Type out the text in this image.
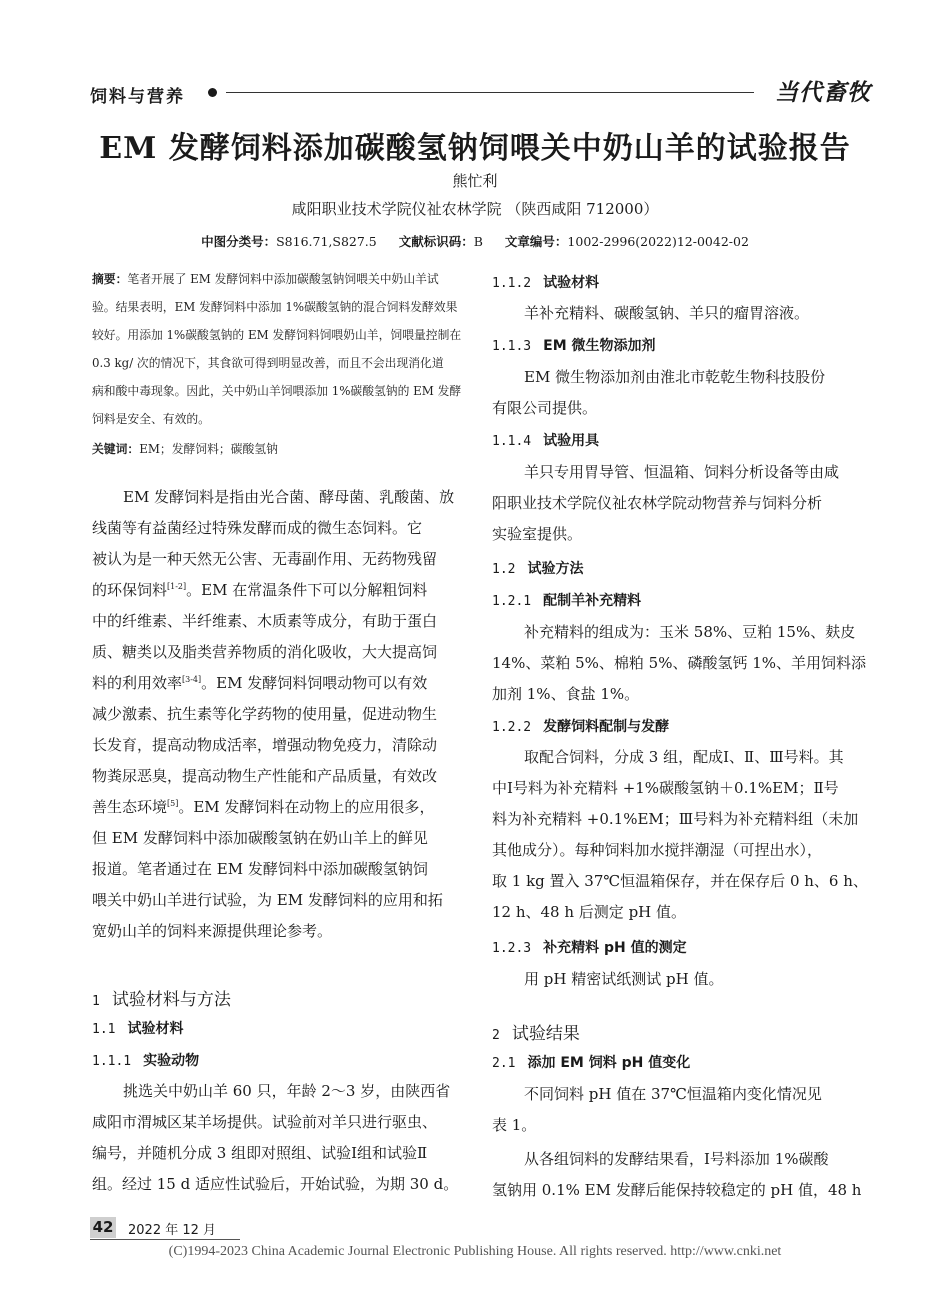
饲料与营养	当代畜牧
EM 发酵饲料添加碳酸氢钠饲喂关中奶山羊的试验报告
熊忙利
咸阳职业技术学院仪祉农林学院 （陕西咸阳 712000）
中图分类号：S816.71,S827.5 文献标识码：B 文章编号：1002-2996(2022)12-0042-02
摘要：笔者开展了 EM 发酵饲料中添加碳酸氢钠饲喂关中奶山羊试
验。结果表明，EM 发酵饲料中添加 1%碳酸氢钠的混合饲料发酵效果
较好。用添加 1%碳酸氢钠的 EM 发酵饲料饲喂奶山羊，饲喂量控制在
0.3 kg/ 次的情况下，其食欲可得到明显改善，而且不会出现消化道
病和酸中毒现象。因此，关中奶山羊饲喂添加 1%碳酸氢钠的 EM 发酵
饲料是安全、有效的。
关键词：EM；发酵饲料；碳酸氢钠
EM 发酵饲料是指由光合菌、酵母菌、乳酸菌、放
线菌等有益菌经过特殊发酵而成的微生态饲料。它
被认为是一种天然无公害、无毒副作用、无药物残留
的环保饲料[1-2]。EM 在常温条件下可以分解粗饲料
中的纤维素、半纤维素、木质素等成分，有助于蛋白
质、糖类以及脂类营养物质的消化吸收，大大提高饲
料的利用效率[3-4]。EM 发酵饲料饲喂动物可以有效
减少激素、抗生素等化学药物的使用量，促进动物生
长发育，提高动物成活率，增强动物免疫力，清除动
物粪尿恶臭，提高动物生产性能和产品质量，有效改
善生态环境[5]。EM 发酵饲料在动物上的应用很多，
但 EM 发酵饲料中添加碳酸氢钠在奶山羊上的鲜见
报道。笔者通过在 EM 发酵饲料中添加碳酸氢钠饲
喂关中奶山羊进行试验，为 EM 发酵饲料的应用和拓
宽奶山羊的饲料来源提供理论参考。
1 试验材料与方法
1.1 试验材料
1.1.1 实验动物
挑选关中奶山羊 60 只，年龄 2～3 岁，由陕西省
咸阳市渭城区某羊场提供。试验前对羊只进行驱虫、
编号，并随机分成 3 组即对照组、试验Ⅰ组和试验Ⅱ
组。经过 15 d 适应性试验后，开始试验，为期 30 d。
1.1.2 试验材料
羊补充精料、碳酸氢钠、羊只的瘤胃溶液。
1.1.3 EM 微生物添加剂
EM 微生物添加剂由淮北市乾乾生物科技股份
有限公司提供。
1.1.4 试验用具
羊只专用胃导管、恒温箱、饲料分析设备等由咸
阳职业技术学院仪祉农林学院动物营养与饲料分析
实验室提供。
1.2 试验方法
1.2.1 配制羊补充精料
补充精料的组成为：玉米 58%、豆粕 15%、麸皮
14%、菜粕 5%、棉粕 5%、磷酸氢钙 1%、羊用饲料添
加剂 1%、食盐 1%。
1.2.2 发酵饲料配制与发酵
取配合饲料，分成 3 组，配成Ⅰ、Ⅱ、Ⅲ号料。其
中Ⅰ号料为补充精料 +1%碳酸氢钠＋0.1%EM；Ⅱ号
料为补充精料 +0.1%EM；Ⅲ号料为补充精料组（未加
其他成分）。每种饲料加水搅拌潮湿（可捏出水），
取 1 kg 置入 37℃恒温箱保存，并在保存后 0 h、6 h、
12 h、48 h 后测定 pH 值。
1.2.3 补充精料 pH 值的测定
用 pH 精密试纸测试 pH 值。
2 试验结果
2.1 添加 EM 饲料 pH 值变化
不同饲料 pH 值在 37℃恒温箱内变化情况见
表 1。
从各组饲料的发酵结果看，Ⅰ号料添加 1%碳酸
氢钠用 0.1% EM 发酵后能保持较稳定的 pH 值，48 h
42 2022 年 12 月
(C)1994-2023 China Academic Journal Electronic Publishing House. All rights reserved. http://www.cnki.net
